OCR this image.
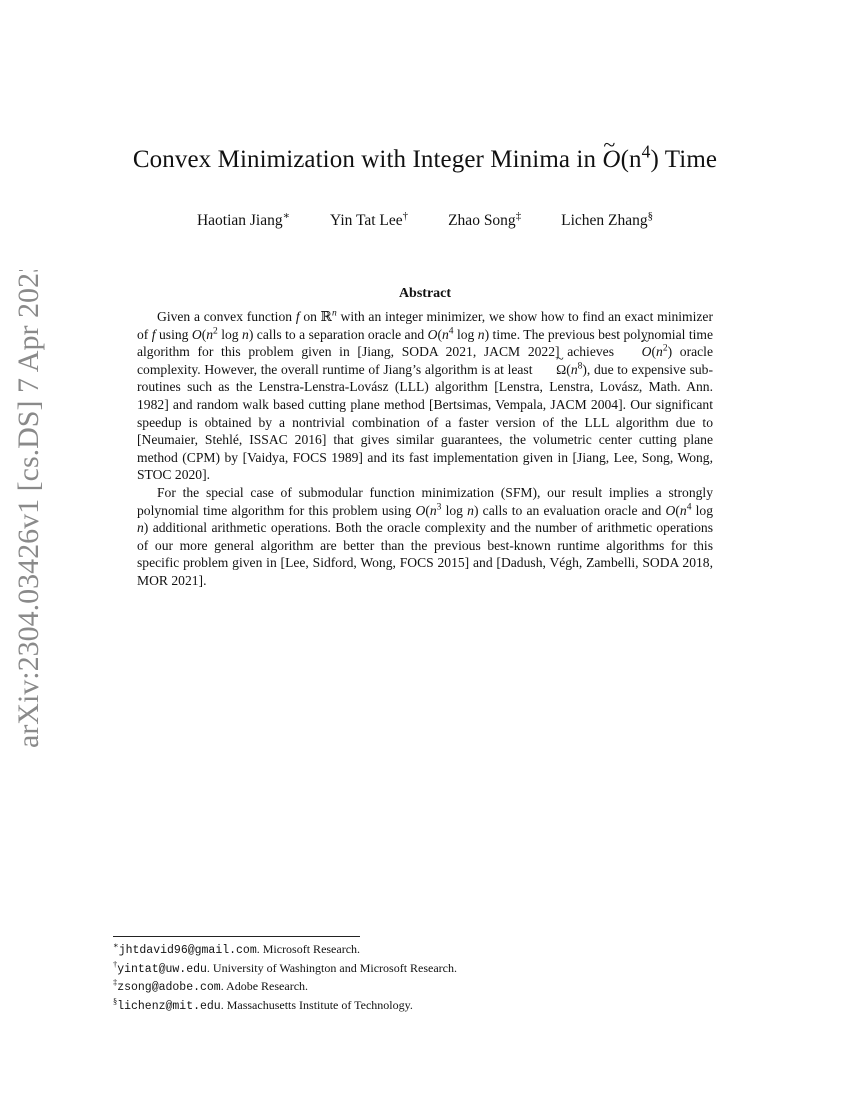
arXiv:2304.03426v1 [cs.DS] 7 Apr 2023
Convex Minimization with Integer Minima in ~ $O(n^4)$ Time
Haotian Jiang∗	Yin Tat Lee†	Zhao Song‡	Lichen Zhang§
Abstract

Given a convex function f on ℝ$^n$ with an integer minimizer, we show how to find an exact minimizer of f using $O(n^2$ log n) calls to a separation oracle and $O(n^4$ log n) time. The previous best polynomial time algorithm for this problem given in [Jiang, SODA 2021, JACM 2022] achieves ~ $O(n^2)$ oracle complexity. However, the overall runtime of Jiang’s algorithm is at least ~ $\Omega(n^8)$, due to expensive sub-routines such as the Lenstra-Lenstra-Lovász (LLL) algorithm [Lenstra, Lenstra, Lovász, Math. Ann. 1982] and random walk based cutting plane method [Bertsimas, Vempala, JACM 2004]. Our significant speedup is obtained by a nontrivial combination of a faster version of the LLL algorithm due to [Neumaier, Stehlé, ISSAC 2016] that gives similar guarantees, the volumetric center cutting plane method (CPM) by [Vaidya, FOCS 1989] and its fast implementation given in [Jiang, Lee, Song, Wong, STOC 2020].

For the special case of submodular function minimization (SFM), our result implies a strongly polynomial time algorithm for this problem using $O(n^3$ log n) calls to an evaluation oracle and $O(n^4$ log n) additional arithmetic operations. Both the oracle complexity and the number of arithmetic operations of our more general algorithm are better than the previous best-known runtime algorithms for this specific problem given in [Lee, Sidford, Wong, FOCS 2015] and [Dadush, Végh, Zambelli, SODA 2018, MOR 2021].

∗jhtdavid96@gmail.com. Microsoft Research.
†yintat@uw.edu. University of Washington and Microsoft Research.
‡zsong@adobe.com. Adobe Research.
§lichenz@mit.edu. Massachusetts Institute of Technology.
